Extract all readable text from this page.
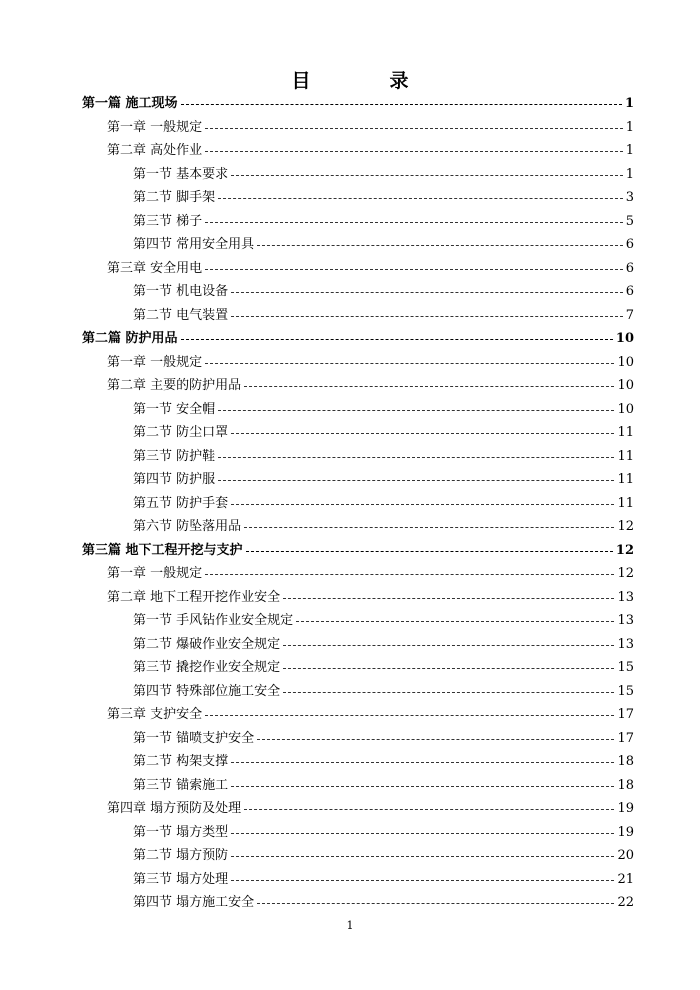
目　录
第一篇 施工现场	1
第一章 一般规定	1
第二章 高处作业	1
第一节 基本要求	1
第二节 脚手架	3
第三节 梯子	5
第四节 常用安全用具	6
第三章 安全用电	6
第一节 机电设备	6
第二节 电气装置	7
第二篇 防护用品	10
第一章 一般规定	10
第二章 主要的防护用品	10
第一节 安全帽	10
第二节 防尘口罩	11
第三节 防护鞋	11
第四节 防护服	11
第五节 防护手套	11
第六节 防坠落用品	12
第三篇 地下工程开挖与支护	12
第一章 一般规定	12
第二章 地下工程开挖作业安全	13
第一节 手风钻作业安全规定	13
第二节 爆破作业安全规定	13
第三节 撬挖作业安全规定	15
第四节 特殊部位施工安全	15
第三章 支护安全	17
第一节 锚喷支护安全	17
第二节 构架支撑	18
第三节 锚索施工	18
第四章 塌方预防及处理	19
第一节 塌方类型	19
第二节 塌方预防	20
第三节 塌方处理	21
第四节 塌方施工安全	22
1
